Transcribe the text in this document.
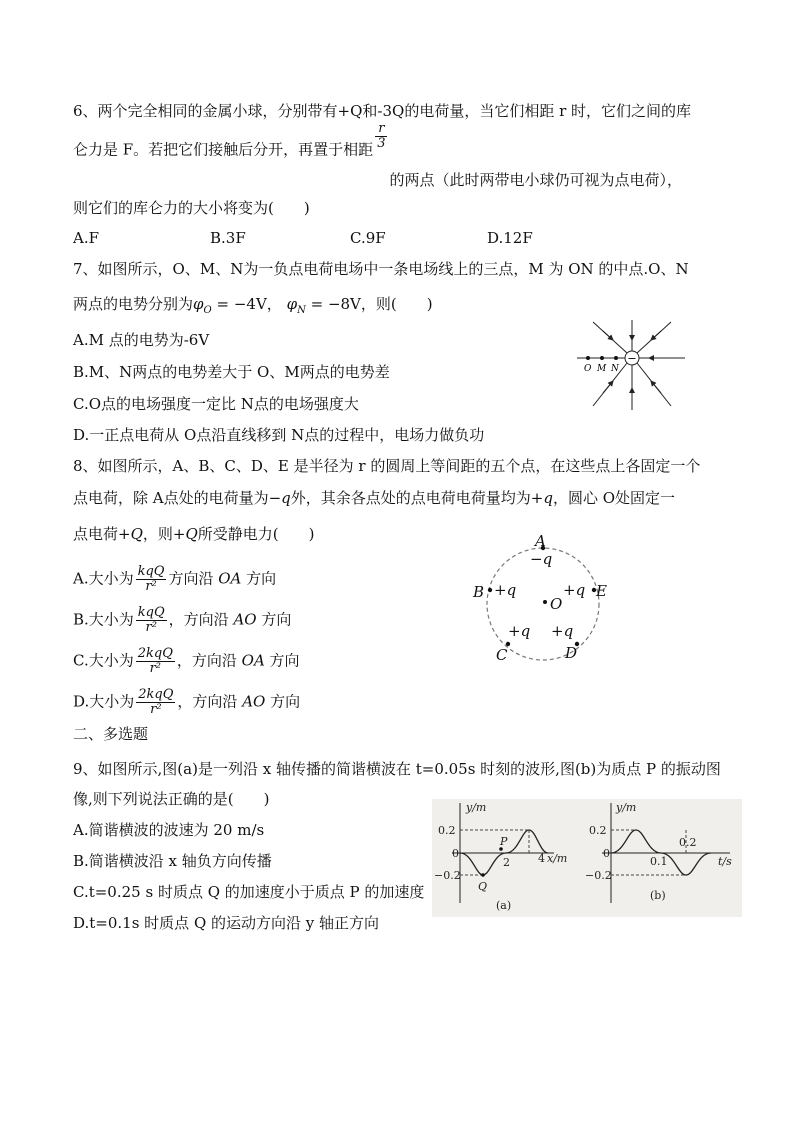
6、两个完全相同的金属小球，分别带有+Q和-3Q的电荷量，当它们相距 r 时，它们之间的库
仑力是 F。若把它们接触后分开，再置于相距 $\frac{r}{3}$
的两点（此时两带电小球仍可视为点电荷），
则它们的库仑力的大小将变为(　　)
A.F	B.3F	C.9F	D.12F
7、如图所示，O、M、N为一负点电荷电场中一条电场线上的三点，M 为 ON 的中点.O、N
两点的电势分别为$\varphi_O = -4V$， $\varphi_N = -8V$，则(　　)
A.M 点的电势为-6V
B.M、N两点的电势差大于 O、M两点的电势差
C.O点的电场强度一定比 N点的电场强度大
D.一正点电荷从 O点沿直线移到 N点的过程中，电场力做负功
−
O M N
8、如图所示，A、B、C、D、E 是半径为 r 的圆周上等间距的五个点，在这些点上各固定一个
点电荷，除 A点处的电荷量为−q外，其余各点处的点电荷电荷量均为+q，圆心 O处固定一
点电荷+Q，则+Q所受静电力(　　)
A.大小为 $\frac{\text{kqQ}}{\text{r²}}$ 方向沿 OA 方向
B.大小为 $\frac{\text{kqQ}}{\text{r²}}$ ，方向沿 AO 方向
C.大小为 $\frac{\text{2kqQ}}{\text{r²}}$ ，方向沿 OA 方向
D.大小为 $\frac{\text{2kqQ}}{\text{r²}}$ ，方向沿 AO 方向
A
−q
B +q	+q E
O
+q +q
C	D
二、多选题
9、如图所示,图(a)是一列沿 x 轴传播的简谐横波在 t=0.05s 时刻的波形,图(b)为质点 P 的振动图
像,则下列说法正确的是(　　)
A.简谐横波的波速为 20 m/s
B.简谐横波沿 x 轴负方向传播
C.t=0.25 s 时质点 Q 的加速度小于质点 P 的加速度
D.t=0.1s 时质点 Q 的运动方向沿 y 轴正方向
y/m
0.2
0
−0.2
P
Q
2	4 x/m
(a)
y/m
0.2
0
−0.2
0.1
0.2
t/s
(b)
